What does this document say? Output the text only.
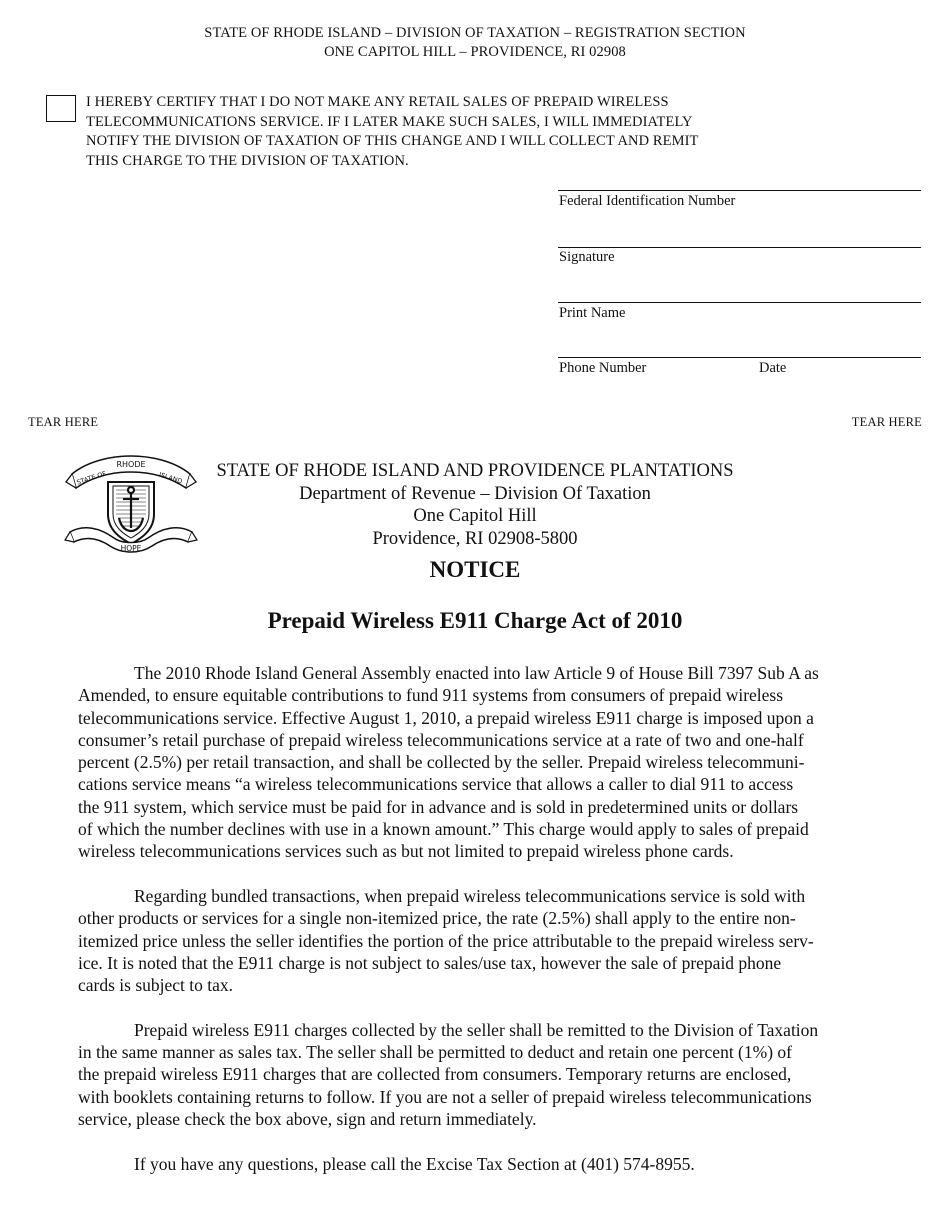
STATE OF RHODE ISLAND – DIVISION OF TAXATION – REGISTRATION SECTION
ONE CAPITOL HILL – PROVIDENCE, RI 02908
I HEREBY CERTIFY THAT I DO NOT MAKE ANY RETAIL SALES OF PREPAID WIRELESS
TELECOMMUNICATIONS SERVICE. IF I LATER MAKE SUCH SALES, I WILL IMMEDIATELY
NOTIFY THE DIVISION OF TAXATION OF THIS CHANGE AND I WILL COLLECT AND REMIT
THIS CHARGE TO THE DIVISION OF TAXATION.
Federal Identification Number
Signature
Print Name
Phone Number	Date
TEAR HERE	TEAR HERE
RHODE
STATE OF	ISLAND
HOPE
STATE OF RHODE ISLAND AND PROVIDENCE PLANTATIONS
Department of Revenue – Division Of Taxation
One Capitol Hill
Providence, RI 02908-5800
NOTICE
Prepaid Wireless E911 Charge Act of 2010

The 2010 Rhode Island General Assembly enacted into law Article 9 of House Bill 7397 Sub A as
Amended, to ensure equitable contributions to fund 911 systems from consumers of prepaid wireless
telecommunications service. Effective August 1, 2010, a prepaid wireless E911 charge is imposed upon a
consumer’s retail purchase of prepaid wireless telecommunications service at a rate of two and one-half
percent (2.5%) per retail transaction, and shall be collected by the seller. Prepaid wireless telecommuni-
cations service means “a wireless telecommunications service that allows a caller to dial 911 to access
the 911 system, which service must be paid for in advance and is sold in predetermined units or dollars
of which the number declines with use in a known amount.” This charge would apply to sales of prepaid
wireless telecommunications services such as but not limited to prepaid wireless phone cards.

Regarding bundled transactions, when prepaid wireless telecommunications service is sold with
other products or services for a single non-itemized price, the rate (2.5%) shall apply to the entire non-
itemized price unless the seller identifies the portion of the price attributable to the prepaid wireless serv-
ice. It is noted that the E911 charge is not subject to sales/use tax, however the sale of prepaid phone
cards is subject to tax.

Prepaid wireless E911 charges collected by the seller shall be remitted to the Division of Taxation
in the same manner as sales tax. The seller shall be permitted to deduct and retain one percent (1%) of
the prepaid wireless E911 charges that are collected from consumers. Temporary returns are enclosed,
with booklets containing returns to follow. If you are not a seller of prepaid wireless telecommunications
service, please check the box above, sign and return immediately.

If you have any questions, please call the Excise Tax Section at (401) 574-8955.
